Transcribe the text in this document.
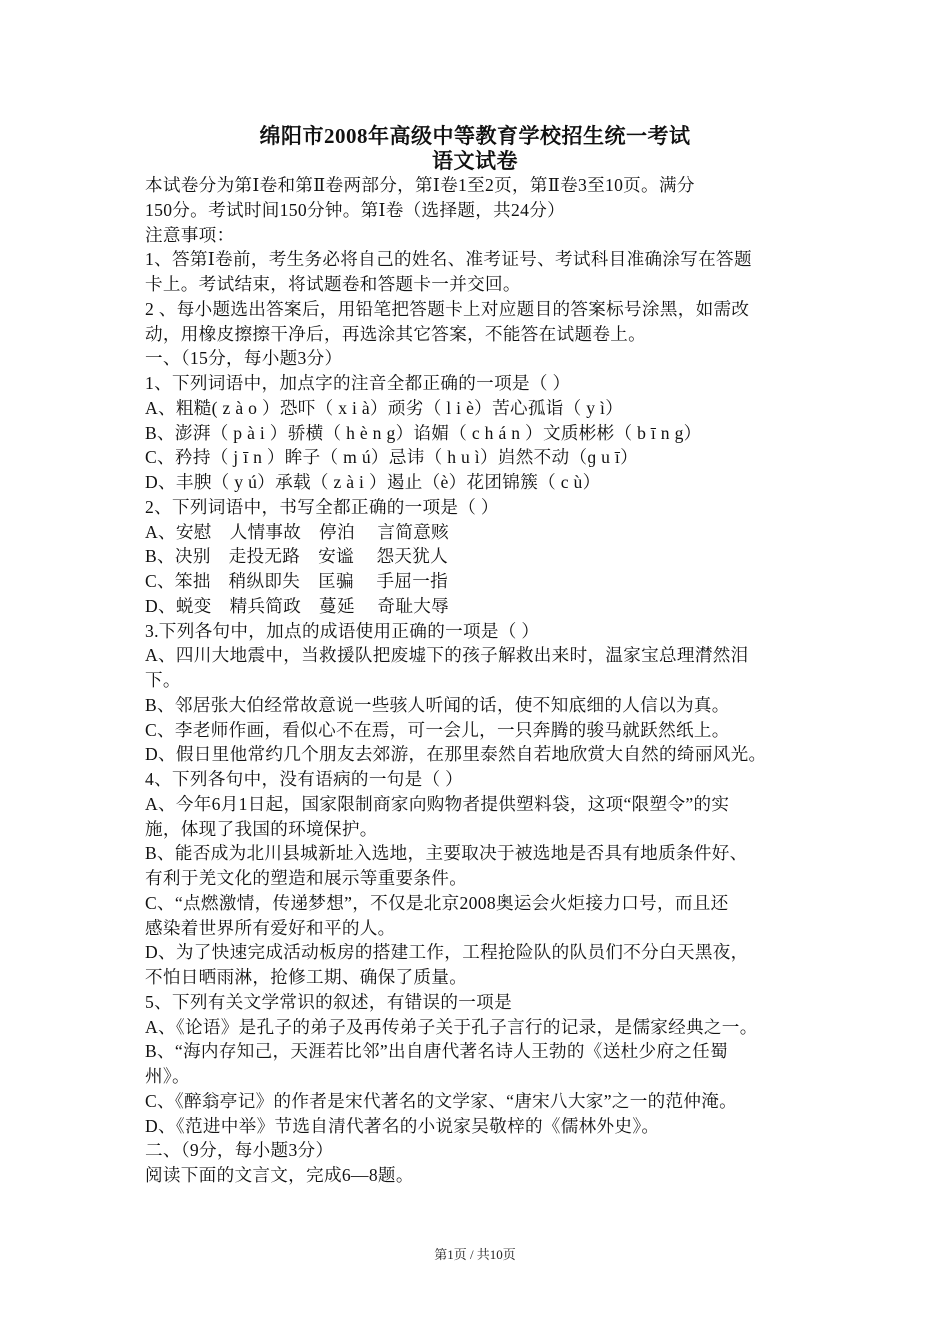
绵阳市2008年高级中等教育学校招生统一考试
语文试卷
本试卷分为第Ⅰ卷和第Ⅱ卷两部分，第Ⅰ卷1至2页，第Ⅱ卷3至10页。满分
150分。考试时间150分钟。第Ⅰ卷（选择题，共24分）
注意事项：
1、答第Ⅰ卷前，考生务必将自己的姓名、准考证号、考试科目准确涂写在答题
卡上。考试结束，将试题卷和答题卡一并交回。
2 、每小题选出答案后，用铅笔把答题卡上对应题目的答案标号涂黑，如需改
动，用橡皮擦擦干净后，再选涂其它答案，不能答在试题卷上。
一、（15分，每小题3分）
1、下列词语中，加点字的注音全都正确的一项是（ ）
A、粗糙( z à o ）恐吓（ x i à）顽劣（ l i è）苦心孤诣（ y ì）
B、澎湃（ p à i ）骄横（ h è n g）谄媚（ c h á n ）文质彬彬（ b ī n g）
C、矜持（ j ī n ）眸子（ m ú）忌讳（ h u ì）岿然不动（ɡ u ī）
D、丰腴（ y ú）承载（ z à i ）遏止（è）花团锦簇（ c ù）
2、下列词语中，书写全都正确的一项是（ ）
A、安慰　人情事故　停泊　 言简意赅
B、决别　走投无路　安谧　 怨天犹人
C、笨拙　稍纵即失　匡骗　 手屈一指
D、蜕变　精兵简政　蔓延　 奇耻大辱
3.下列各句中，加点的成语使用正确的一项是（ ）
A、四川大地震中，当救援队把废墟下的孩子解救出来时，温家宝总理潸然泪
下。
B、邻居张大伯经常故意说一些骇人听闻的话，使不知底细的人信以为真。
C、李老师作画，看似心不在焉，可一会儿，一只奔腾的骏马就跃然纸上。
D、假日里他常约几个朋友去郊游，在那里泰然自若地欣赏大自然的绮丽风光。
4、下列各句中，没有语病的一句是（ ）
A、今年6月1日起，国家限制商家向购物者提供塑料袋，这项“限塑令”的实
施，体现了我国的环境保护。
B、能否成为北川县城新址入选地，主要取决于被选地是否具有地质条件好、
有利于羌文化的塑造和展示等重要条件。
C、“点燃激情，传递梦想”，不仅是北京2008奥运会火炬接力口号，而且还
感染着世界所有爱好和平的人。
D、为了快速完成活动板房的搭建工作，工程抢险队的队员们不分白天黑夜，
不怕日晒雨淋，抢修工期、确保了质量。
5、下列有关文学常识的叙述，有错误的一项是
A、《论语》是孔子的弟子及再传弟子关于孔子言行的记录，是儒家经典之一。
B、“海内存知己，天涯若比邻”出自唐代著名诗人王勃的《送杜少府之任蜀
州》。
C、《醉翁亭记》的作者是宋代著名的文学家、“唐宋八大家”之一的范仲淹。
D、《范进中举》节选自清代著名的小说家吴敬梓的《儒林外史》。
二、（9分，每小题3分）
阅读下面的文言文，完成6—8题。
第1页 / 共10页
